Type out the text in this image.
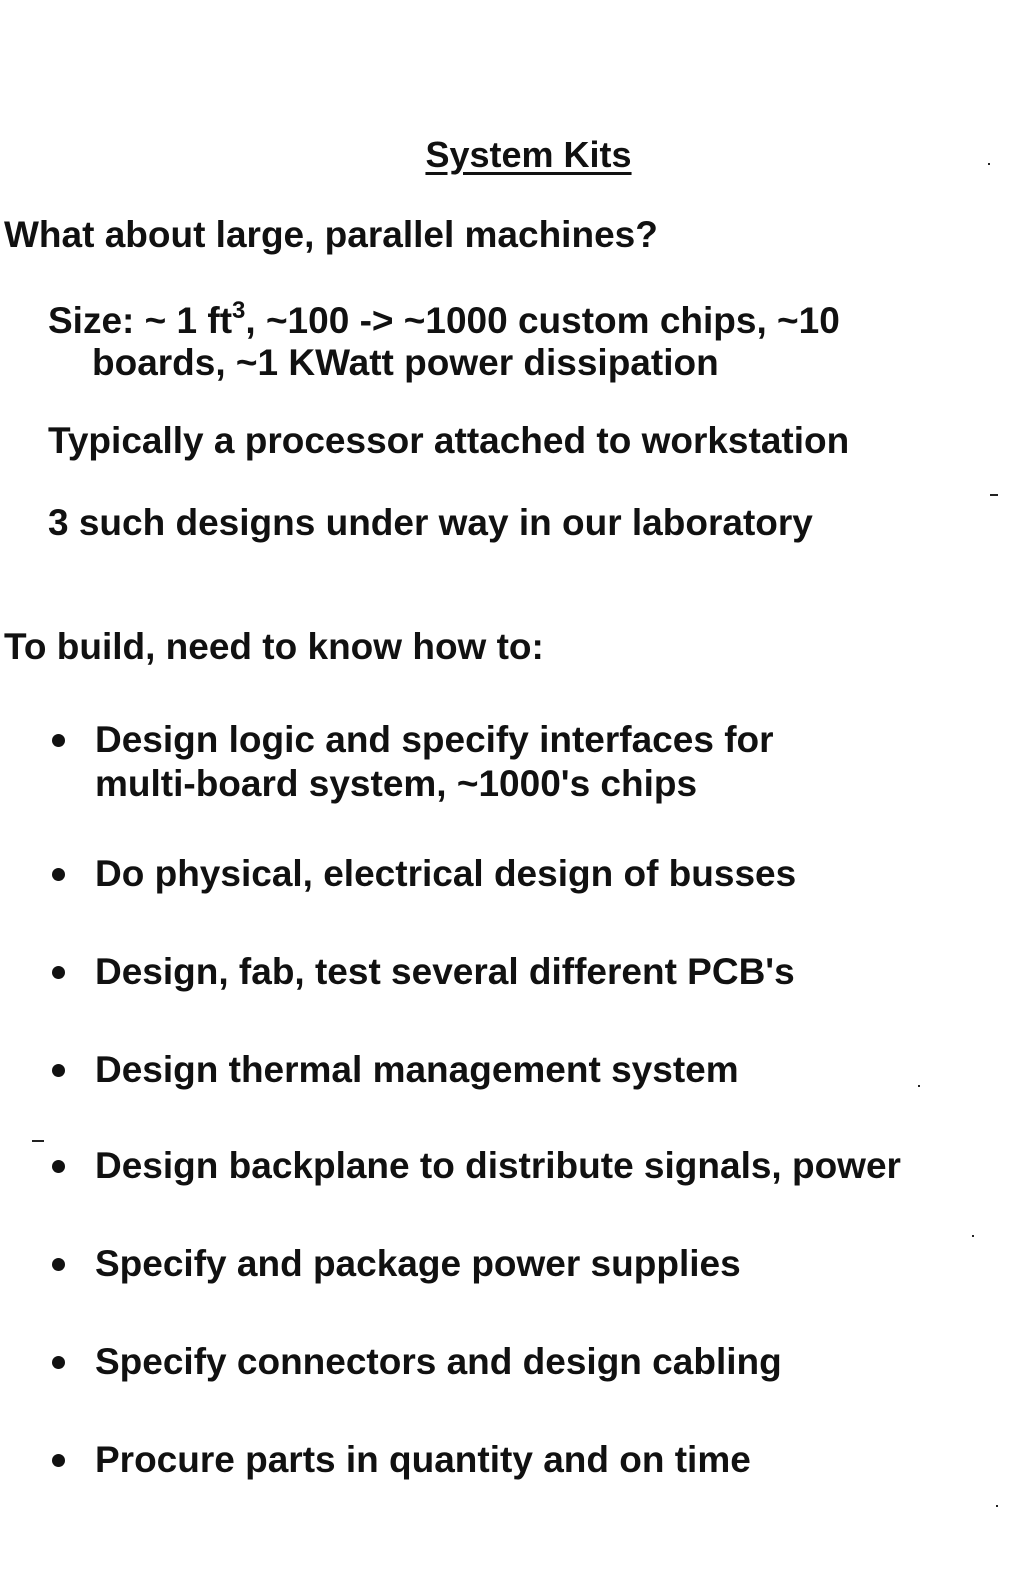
System Kits
What about large, parallel machines?
Size: ~ 1 $ft^3$, ~100 -> ~1000 custom chips, ~10
boards, ~1 KWatt power dissipation
Typically a processor attached to workstation
3 such designs under way in our laboratory
To build, need to know how to:
Design logic and specify interfaces for
multi-board system, ~1000's chips
Do physical, electrical design of busses
Design, fab, test several different PCB's
Design thermal management system
Design backplane to distribute signals, power
Specify and package power supplies
Specify connectors and design cabling
Procure parts in quantity and on time
